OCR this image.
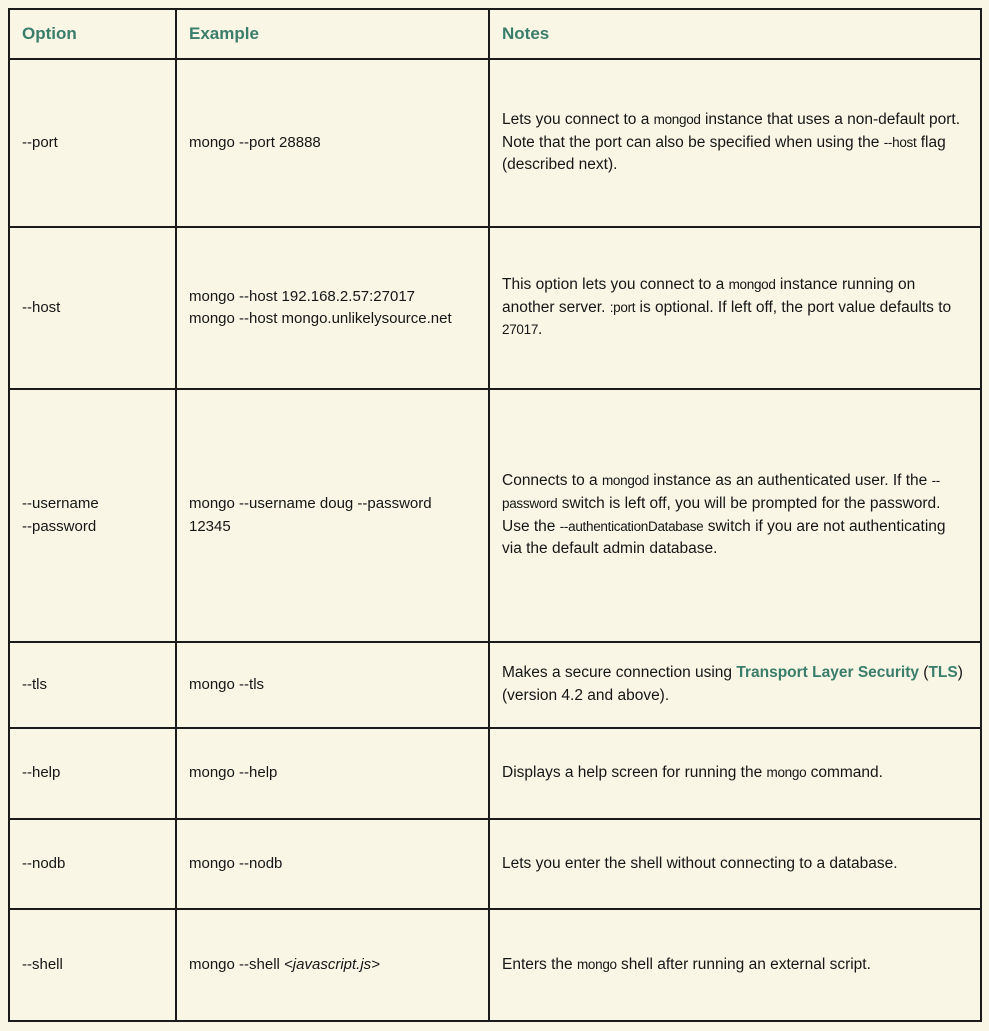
Option	Example	Notes

--port	mongo --port 28888	Lets you connect to a mongod instance that uses a non-default port. Note that the port can also be specified when using the --host flag (described next).

--host	mongo --host 192.168.2.57:27017
mongo --host mongo.unlikelysource.net	This option lets you connect to a mongod instance running on another server. :port is optional. If left off, the port value defaults to 27017.

--username
--password	mongo --username doug --password 12345	Connects to a mongod instance as an authenticated user. If the --password switch is left off, you will be prompted for the password. Use the --authenticationDatabase switch if you are not authenticating via the default admin database.

--tls	mongo --tls	Makes a secure connection using Transport Layer Security (TLS) (version 4.2 and above).

--help	mongo --help	Displays a help screen for running the mongo command.

--nodb	mongo --nodb	Lets you enter the shell without connecting to a database.

--shell	mongo --shell <javascript.js>	Enters the mongo shell after running an external script.
